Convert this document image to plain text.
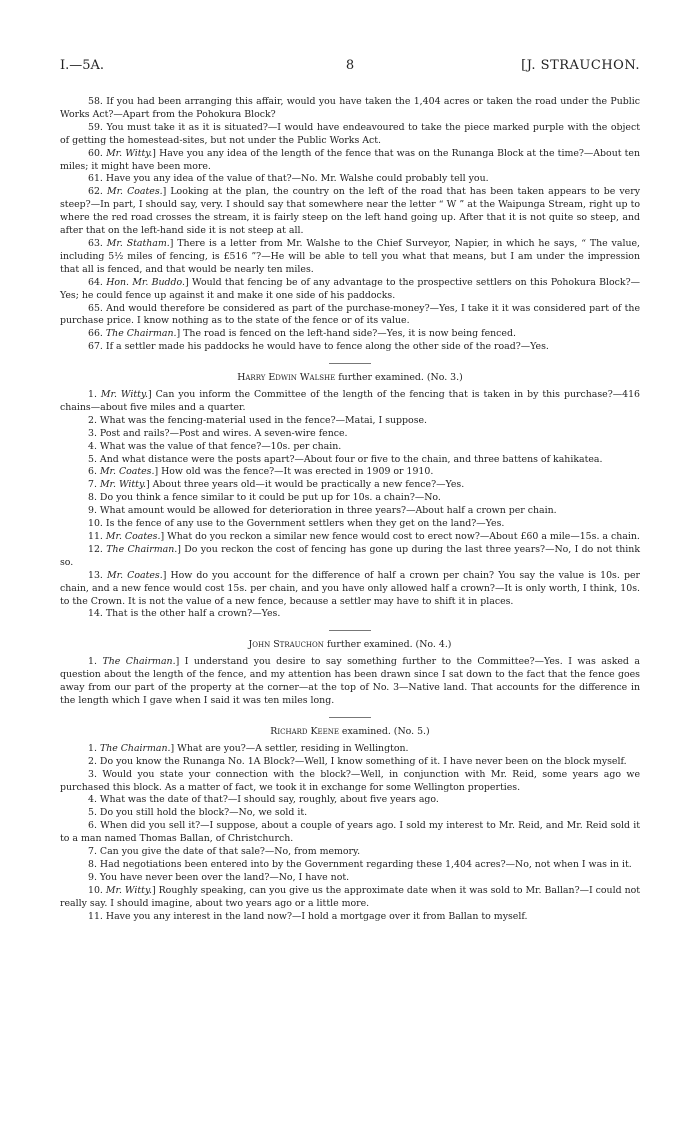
I.—5A.	8	[J. STRAUCHON.

58. If you had been arranging this affair, would you have taken the 1,404 acres or taken the road under the Public Works Act?—Apart from the Pohokura Block?

59. You must take it as it is situated?—I would have endeavoured to take the piece marked purple with the object of getting the homestead-sites, but not under the Public Works Act.

60. Mr. Witty.] Have you any idea of the length of the fence that was on the Runanga Block at the time?—About ten miles; it might have been more.

61. Have you any idea of the value of that?—No. Mr. Walshe could probably tell you.

62. Mr. Coates.] Looking at the plan, the country on the left of the road that has been taken appears to be very steep?—In part, I should say, very. I should say that somewhere near the letter “ W ” at the Waipunga Stream, right up to where the red road crosses the stream, it is fairly steep on the left hand going up. After that it is not quite so steep, and after that on the left-hand side it is not steep at all.

63. Mr. Statham.] There is a letter from Mr. Walshe to the Chief Surveyor, Napier, in which he says, “ The value, including 5½ miles of fencing, is £516 ”?—He will be able to tell you what that means, but I am under the impression that all is fenced, and that would be nearly ten miles.

64. Hon. Mr. Buddo.] Would that fencing be of any advantage to the prospective settlers on this Pohokura Block?—Yes; he could fence up against it and make it one side of his paddocks.

65. And would therefore be considered as part of the purchase-money?—Yes, I take it it was considered part of the purchase price. I know nothing as to the state of the fence or of its value.

66. The Chairman.] The road is fenced on the left-hand side?—Yes, it is now being fenced.

67. If a settler made his paddocks he would have to fence along the other side of the road?—Yes.

Harry Edwin Walshe further examined. (No. 3.)

1. Mr. Witty.] Can you inform the Committee of the length of the fencing that is taken in by this purchase?—416 chains—about five miles and a quarter.

2. What was the fencing-material used in the fence?—Matai, I suppose.

3. Post and rails?—Post and wires. A seven-wire fence.

4. What was the value of that fence?—10s. per chain.

5. And what distance were the posts apart?—About four or five to the chain, and three battens of kahikatea.

6. Mr. Coates.] How old was the fence?—It was erected in 1909 or 1910.

7. Mr. Witty.] About three years old—it would be practically a new fence?—Yes.

8. Do you think a fence similar to it could be put up for 10s. a chain?—No.

9. What amount would be allowed for deterioration in three years?—About half a crown per chain.

10. Is the fence of any use to the Government settlers when they get on the land?—Yes.

11. Mr. Coates.] What do you reckon a similar new fence would cost to erect now?—About £60 a mile—15s. a chain.

12. The Chairman.] Do you reckon the cost of fencing has gone up during the last three years?—No, I do not think so.

13. Mr. Coates.] How do you account for the difference of half a crown per chain? You say the value is 10s. per chain, and a new fence would cost 15s. per chain, and you have only allowed half a crown?—It is only worth, I think, 10s. to the Crown. It is not the value of a new fence, because a settler may have to shift it in places.

14. That is the other half a crown?—Yes.

John Strauchon further examined. (No. 4.)

1. The Chairman.] I understand you desire to say something further to the Committee?—Yes. I was asked a question about the length of the fence, and my attention has been drawn since I sat down to the fact that the fence goes away from our part of the property at the corner—at the top of No. 3—Native land. That accounts for the difference in the length which I gave when I said it was ten miles long.

Richard Keene examined. (No. 5.)

1. The Chairman.] What are you?—A settler, residing in Wellington.

2. Do you know the Runanga No. 1A Block?—Well, I know something of it. I have never been on the block myself.

3. Would you state your connection with the block?—Well, in conjunction with Mr. Reid, some years ago we purchased this block. As a matter of fact, we took it in exchange for some Wellington properties.

4. What was the date of that?—I should say, roughly, about five years ago.

5. Do you still hold the block?—No, we sold it.

6. When did you sell it?—I suppose, about a couple of years ago. I sold my interest to Mr. Reid, and Mr. Reid sold it to a man named Thomas Ballan, of Christchurch.

7. Can you give the date of that sale?—No, from memory.

8. Had negotiations been entered into by the Government regarding these 1,404 acres?—No, not when I was in it.

9. You have never been over the land?—No, I have not.

10. Mr. Witty.] Roughly speaking, can you give us the approximate date when it was sold to Mr. Ballan?—I could not really say. I should imagine, about two years ago or a little more.

11. Have you any interest in the land now?—I hold a mortgage over it from Ballan to myself.
